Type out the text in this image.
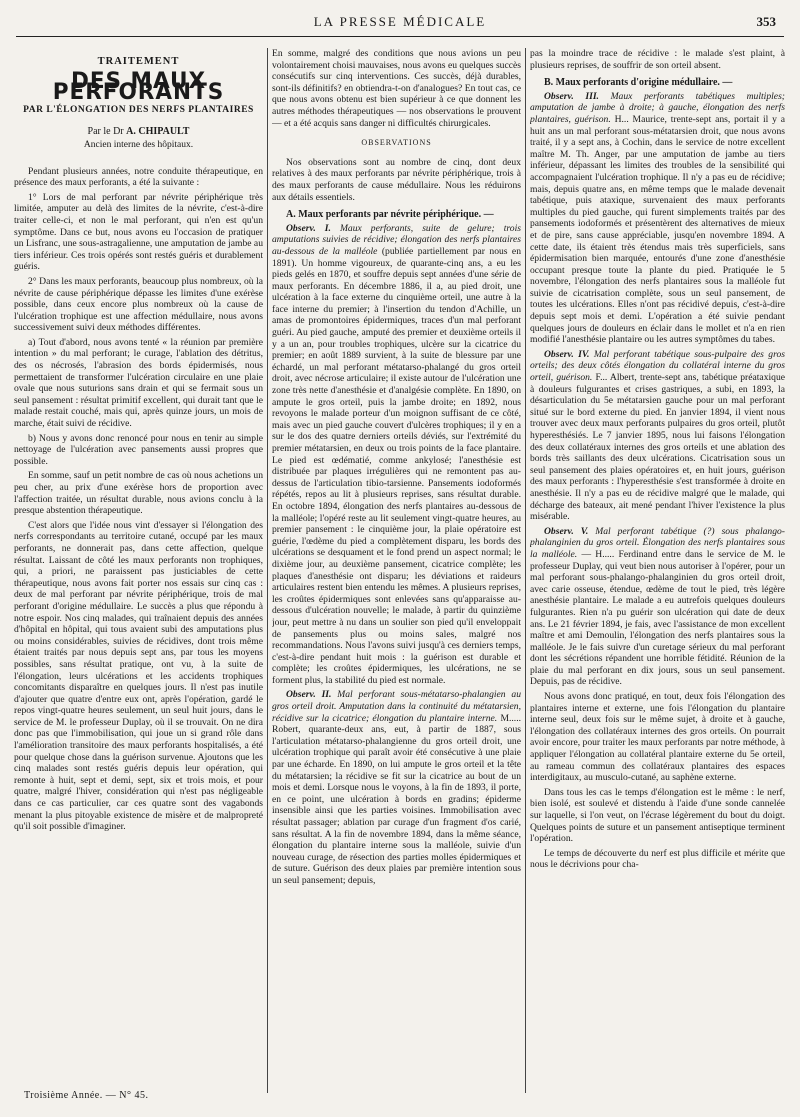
LA PRESSE MÉDICALE	353
TRAITEMENT
DES MAUX PERFORANTS
PAR L'ÉLONGATION DES NERFS PLANTAIRES
Par le Dr A. CHIPAULT
Ancien interne des hôpitaux.

Pendant plusieurs années, notre conduite thérapeutique, en présence des maux perforants, a été la suivante :

1° Lors de mal perforant par névrite périphérique très limitée, amputer au delà des limites de la névrite, c'est-à-dire traiter celle-ci, et non le mal perforant, qui n'en est qu'un symptôme. Dans ce but, nous avons eu l'occasion de pratiquer un Lisfranc, une sous-astragalienne, une amputation de jambe au tiers inférieur. Ces trois opérés sont restés guéris et durablement guéris.

2° Dans les maux perforants, beaucoup plus nombreux, où la névrite de cause périphérique dépasse les limites d'une exérèse possible, dans ceux encore plus nombreux où la cause de l'ulcération trophique est une affection médullaire, nous avons successivement suivi deux méthodes différentes.

a) Tout d'abord, nous avons tenté « la réunion par première intention » du mal perforant; le curage, l'ablation des détritus, des os nécrosés, l'abrasion des bords épidermisés, nous permettaient de transformer l'ulcération circulaire en une plaie ovale que nous suturions sans drain et qui se fermait sous un seul pansement : résultat primitif excellent, qui durait tant que le malade restait couché, mais qui, après quinze jours, un mois de marche, était suivi de récidive.

b) Nous y avons donc renoncé pour nous en tenir au simple nettoyage de l'ulcération avec pansements aussi propres que possible.

En somme, sauf un petit nombre de cas où nous achetions un peu cher, au prix d'une exérèse hors de proportion avec l'affection traitée, un résultat durable, nous avions conclu à la presque abstention thérapeutique.

C'est alors que l'idée nous vint d'essayer si l'élongation des nerfs correspondants au territoire cutané, occupé par les maux perforants, ne donnerait pas, dans cette affection, quelque résultat. Laissant de côté les maux perforants non trophiques, qui, a priori, ne paraissent pas justiciables de cette thérapeutique, nous avons fait porter nos essais sur cinq cas : deux de mal perforant par névrite périphérique, trois de mal perforant d'origine médullaire. Le succès a plus que répondu à notre espoir. Nos cinq malades, qui traînaient depuis des années d'hôpital en hôpital, qui tous avaient subi des amputations plus ou moins considérables, suivies de récidives, dont trois même étaient traités par nous depuis sept ans, par tous les moyens possibles, sans résultat pratique, ont vu, à la suite de l'élongation, leurs ulcérations et les accidents trophiques concomitants disparaître en quelques jours. Il n'est pas inutile d'ajouter que quatre d'entre eux ont, après l'opération, gardé le repos vingt-quatre heures seulement, un seul huit jours, dans le service de M. le professeur Duplay, où il se trouvait. On ne dira donc pas que l'immobilisation, qui joue un si grand rôle dans l'amélioration transitoire des maux perforants hospitalisés, a été pour quelque chose dans la guérison survenue. Ajoutons que les cinq malades sont restés guéris depuis leur opération, qui remonte à huit, sept et demi, sept, six et trois mois, et pour quatre, malgré l'hiver, considération qui n'est pas négligeable dans ce cas particulier, car ces quatre sont des vagabonds menant la plus pitoyable existence de misère et de malpropreté qu'il soit possible d'imaginer.

En somme, malgré des conditions que nous avions un peu volontairement choisi mauvaises, nous avons eu quelques succès consécutifs sur cinq interventions. Ces succès, déjà durables, sont-ils définitifs? en obtiendra-t-on d'analogues? En tout cas, ce que nous avons obtenu est bien supérieur à ce que donnent les autres méthodes thérapeutiques — nos observations le prouvent — et a été acquis sans danger ni difficultés chirurgicales.

OBSERVATIONS

Nos observations sont au nombre de cinq, dont deux relatives à des maux perforants par névrite périphérique, trois à des maux perforants de cause médullaire. Nous les réduirons aux détails essentiels.

A. Maux perforants par névrite périphérique. —

Observ. I. Maux perforants, suite de gelure; trois amputations suivies de récidive; élongation des nerfs plantaires au-dessous de la malléole (publiée partiellement par nous en 1891). Un homme vigoureux, de quarante-cinq ans, a eu les pieds gelés en 1870, et souffre depuis sept années d'une série de maux perforants. En décembre 1886, il a, au pied droit, une ulcération à la face externe du cinquième orteil, une autre à la face interne du premier; à l'insertion du tendon d'Achille, un amas de promontoires épidermiques, traces d'un mal perforant guéri. Au pied gauche, amputé des premier et deuxième orteils il y a un an, pour troubles trophiques, ulcère sur la cicatrice du premier; en août 1889 survient, à la suite de blessure par une échardé, un mal perforant métatarso-phalangé du gros orteil droit, avec nécrose articulaire; il existe autour de l'ulcération une zone très nette d'anesthésie et d'analgésie complète. En 1890, on ampute le gros orteil, puis la jambe droite; en 1892, nous revoyons le malade porteur d'un moignon suffisant de ce côté, mais avec un pied gauche couvert d'ulcères trophiques; il y en a sur le dos des quatre derniers orteils déviés, sur l'extrémité du premier métatarsien, en deux ou trois points de la face plantaire. Le pied est œdématié, comme ankylosé; l'anesthésie est distribuée par plaques irrégulières qui ne remontent pas au-dessus de l'articulation tibio-tarsienne. Pansements iodoformés répétés, repos au lit à plusieurs reprises, sans résultat durable. En octobre 1894, élongation des nerfs plantaires au-dessous de la malléole; l'opéré reste au lit seulement vingt-quatre heures, au premier pansement : le cinquième jour, la plaie opératoire est guérie, l'œdème du pied a complètement disparu, les bords des ulcérations se desquament et le fond prend un aspect normal; le dixième jour, au deuxième pansement, cicatrice complète; les plaques d'anesthésie ont disparu; les déviations et raideurs articulaires restent bien entendu les mêmes. A plusieurs reprises, les croûtes épidermiques sont enlevées sans qu'apparaisse au-dessous d'ulcération nouvelle; le malade, à partir du quinzième jour, peut mettre à nu dans un soulier son pied qu'il enveloppait de pansements plus ou moins sales, malgré nos recommandations. Nous l'avons suivi jusqu'à ces derniers temps, c'est-à-dire pendant huit mois : la guérison est durable et complète; les croûtes épidermiques, les ulcérations, ne se forment plus, la stabilité du pied est normale.

Observ. II. Mal perforant sous-métatarso-phalangien au gros orteil droit. Amputation dans la continuité du métatarsien, récidive sur la cicatrice; élongation du plantaire interne. M..... Robert, quarante-deux ans, eut, à partir de 1887, sous l'articulation métatarso-phalangienne du gros orteil droit, une ulcération trophique qui paraît avoir été consécutive à une plaie par une écharde. En 1890, on lui ampute le gros orteil et la tête du métatarsien; la récidive se fit sur la cicatrice au bout de un mois et demi. Lorsque nous le voyons, à la fin de 1893, il porte, en ce point, une ulcération à bords en gradins; épiderme insensible ainsi que les parties voisines. Immobilisation avec résultat passager; ablation par curage d'un fragment d'os carié, sans résultat. A la fin de novembre 1894, dans la même séance, élongation du plantaire interne sous la malléole, suivie d'un nouveau curage, de résection des parties molles épidermiques et de suture. Guérison des deux plaies par première intention sous un seul pansement; depuis,

pas la moindre trace de récidive : le malade s'est plaint, à plusieurs reprises, de souffrir de son orteil absent.

B. Maux perforants d'origine médullaire. —

Observ. III. Maux perforants tabétiques multiples; amputation de jambe à droite; à gauche, élongation des nerfs plantaires, guérison. H... Maurice, trente-sept ans, portait il y a huit ans un mal perforant sous-métatarsien droit, que nous avons traité, il y a sept ans, à Cochin, dans le service de notre excellent maître M. Th. Anger, par une amputation de jambe au tiers inférieur, dépassant les limites des troubles de la sensibilité qui accompagnaient l'ulcération trophique. Il n'y a pas eu de récidive; mais, depuis quatre ans, en même temps que le malade devenait tabétique, puis ataxique, survenaient des maux perforants multiples du pied gauche, qui furent simplements traités par des pansements iodoformés et présentèrent des alternatives de mieux et de pire, sans cause appréciable, jusqu'en novembre 1894. A cette date, ils étaient très étendus mais très superficiels, sans épidermisation bien marquée, entourés d'une zone d'anesthésie occupant presque toute la plante du pied. Pratiquée le 5 novembre, l'élongation des nerfs plantaires sous la malléole fut suivie de cicatrisation complète, sous un seul pansement, de toutes les ulcérations. Elles n'ont pas récidivé depuis, c'est-à-dire depuis sept mois et demi. L'opération a été suivie pendant quelques jours de douleurs en éclair dans le mollet et n'a en rien modifié l'anesthésie plantaire ou les autres symptômes du tabes.

Observ. IV. Mal perforant tabétique sous-pulpaire des gros orteils; des deux côtés élongation du collatéral interne du gros orteil, guérison. F... Albert, trente-sept ans, tabétique préataxique à douleurs fulgurantes et crises gastriques, a subi, en 1893, la désarticulation du 5e métatarsien gauche pour un mal perforant situé sur le bord externe du pied. En janvier 1894, il vient nous trouver avec deux maux perforants pulpaires du gros orteil, plutôt hyperesthésiés. Le 7 janvier 1895, nous lui faisons l'élongation des deux collatéraux internes des gros orteils et une ablation des bords très saillants des deux ulcérations. Cicatrisation sous un seul pansement des plaies opératoires et, en huit jours, guérison des maux perforants : l'hyperesthésie s'est transformée à droite en anesthésie. Il n'y a pas eu de récidive malgré que le malade, qui décharge des bateaux, ait mené pendant l'hiver l'existence la plus misérable.

Observ. V. Mal perforant tabétique (?) sous phalango-phalanginien du gros orteil. Élongation des nerfs plantaires sous la malléole. — H..... Ferdinand entre dans le service de M. le professeur Duplay, qui veut bien nous autoriser à l'opérer, pour un mal perforant sous-phalango-phalanginien du gros orteil droit, avec carie osseuse, étendue, œdème de tout le pied, très légère anesthésie plantaire. Le malade a eu autrefois quelques douleurs fulgurantes. Rien n'a pu guérir son ulcération qui date de deux ans. Le 21 février 1894, je fais, avec l'assistance de mon excellent maître et ami Demoulin, l'élongation des nerfs plantaires sous la malléole. Je le fais suivre d'un curetage sérieux du mal perforant dont les sécrétions répandent une horrible fétidité. Réunion de la plaie du mal perforant en dix jours, sous un seul pansement. Depuis, pas de récidive.

Nous avons donc pratiqué, en tout, deux fois l'élongation des plantaires interne et externe, une fois l'élongation du plantaire interne seul, deux fois sur le même sujet, à droite et à gauche, l'élongation des collatéraux internes des gros orteils. On pourrait avoir encore, pour traiter les maux perforants par notre méthode, à appliquer l'élongation au collatéral plantaire externe du 5e orteil, au rameau commun des collatéraux plantaires des espaces interdigitaux, au musculo-cutané, au saphène externe.

Dans tous les cas le temps d'élongation est le même : le nerf, bien isolé, est soulevé et distendu à l'aide d'une sonde cannelée sur laquelle, si l'on veut, on l'écrase légèrement du bout du doigt. Quelques points de suture et un pansement antiseptique terminent l'opération.

Le temps de découverte du nerf est plus difficile et mérite que nous le décrivions pour cha-

Troisième Année. — N° 45.
